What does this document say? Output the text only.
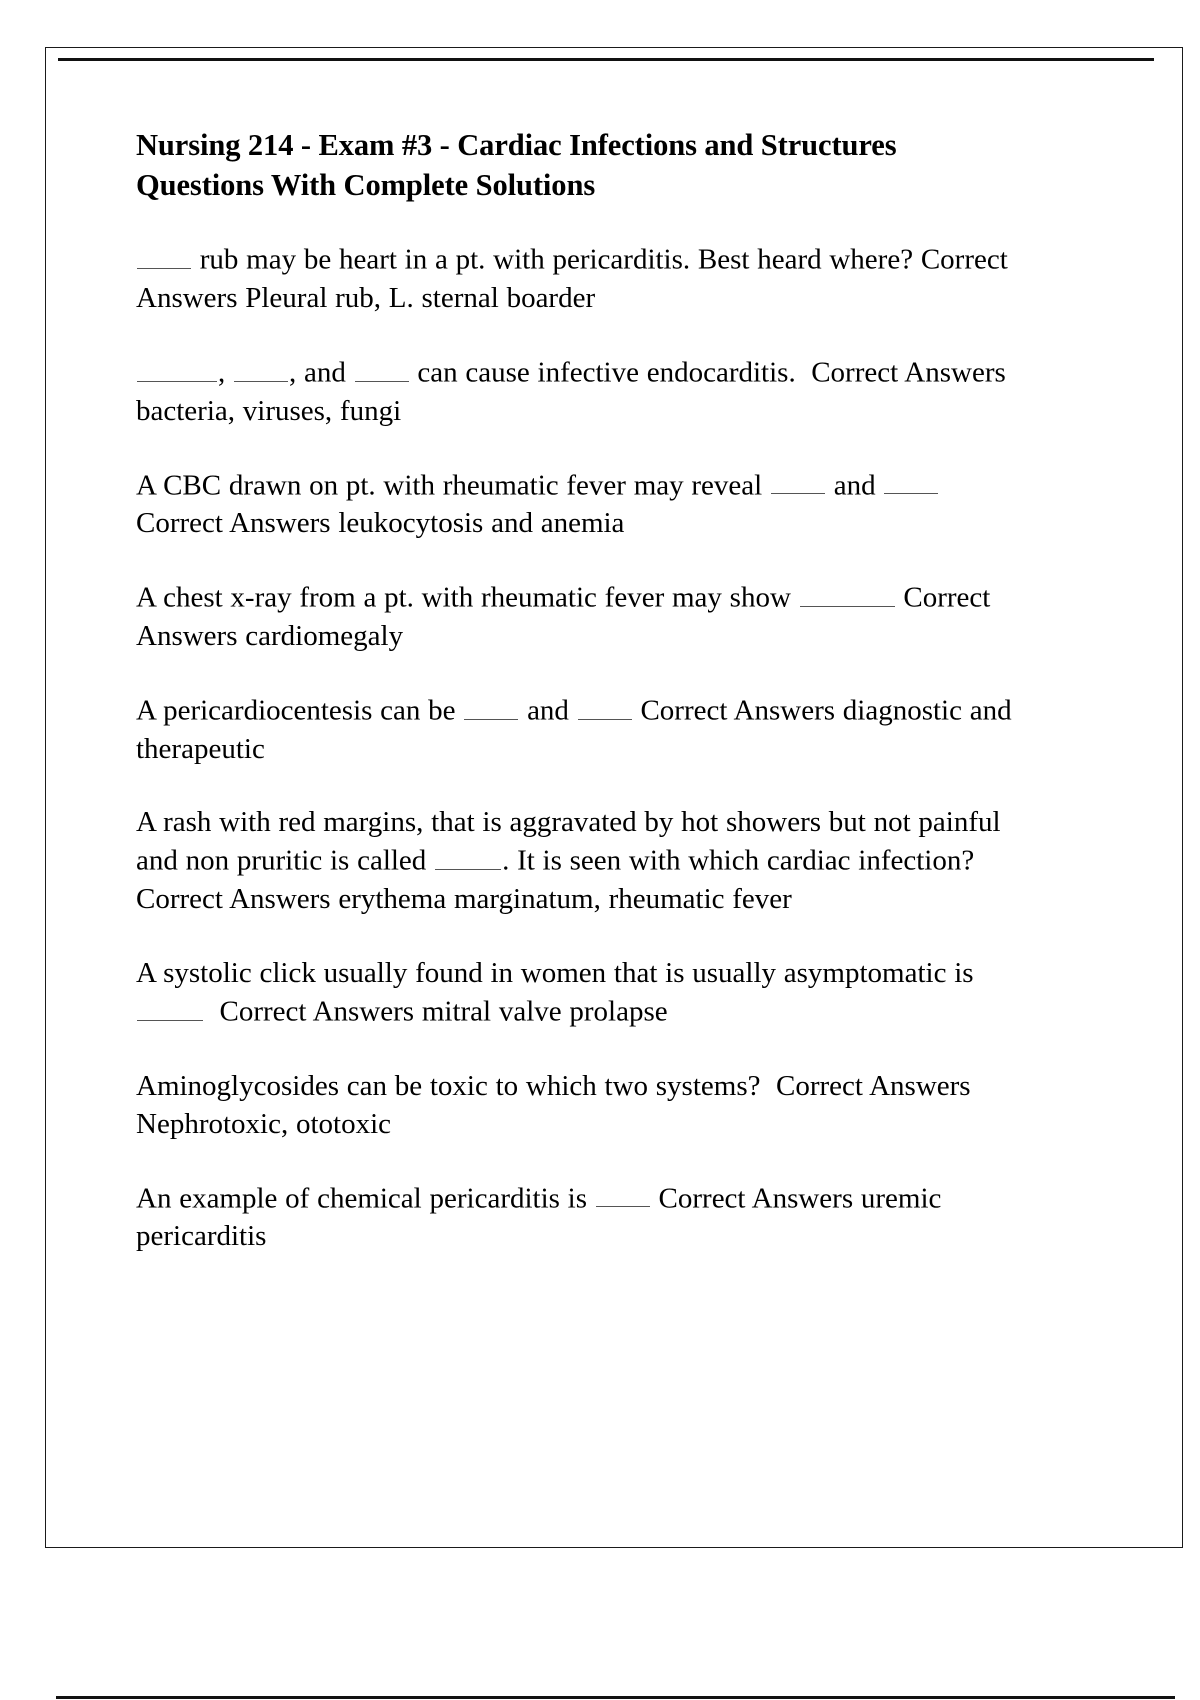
Nursing 214 - Exam #3 - Cardiac Infections and Structures Questions With Complete Solutions

rub may be heart in a pt. with pericarditis. Best heard where? Correct Answers Pleural rub, L. sternal boarder

, , and  can cause infective endocarditis.  Correct Answers bacteria, viruses, fungi

A CBC drawn on pt. with rheumatic fever may reveal  and   Correct Answers leukocytosis and anemia

A chest x-ray from a pt. with rheumatic fever may show	Correct Answers cardiomegaly

A pericardiocentesis can be  and  Correct Answers diagnostic and therapeutic

A rash with red margins, that is aggravated by hot showers but not painful and non pruritic is called . It is seen with which cardiac infection?  Correct Answers erythema marginatum, rheumatic fever

A systolic click usually found in women that is usually asymptomatic is   Correct Answers mitral valve prolapse

Aminoglycosides can be toxic to which two systems?  Correct Answers Nephrotoxic, ototoxic

An example of chemical pericarditis is  Correct Answers uremic pericarditis
